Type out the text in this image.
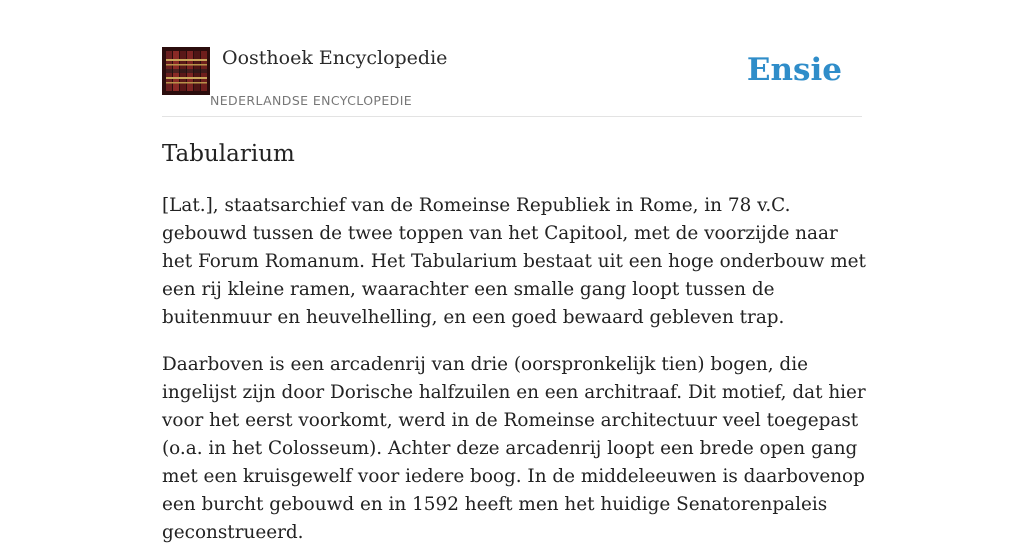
Oosthoek Encyclopedie
NEDERLANDSE ENCYCLOPEDIE
Ensie
Tabularium

[Lat.], staatsarchief van de Romeinse Republiek in Rome, in 78 v.C. gebouwd tussen de twee toppen van het Capitool, met de voorzijde naar het Forum Romanum. Het Tabularium bestaat uit een hoge onderbouw met een rij kleine ramen, waarachter een smalle gang loopt tussen de buitenmuur en heuvelhelling, en een goed bewaard gebleven trap.

Daarboven is een arcadenrij van drie (oorspronkelijk tien) bogen, die ingelijst zijn door Dorische halfzuilen en een architraaf. Dit motief, dat hier voor het eerst voorkomt, werd in de Romeinse architectuur veel toegepast (o.a. in het Colosseum). Achter deze arcadenrij loopt een brede open gang met een kruisgewelf voor iedere boog. In de middeleeuwen is daarbovenop een burcht gebouwd en in 1592 heeft men het huidige Senatorenpaleis geconstrueerd.
